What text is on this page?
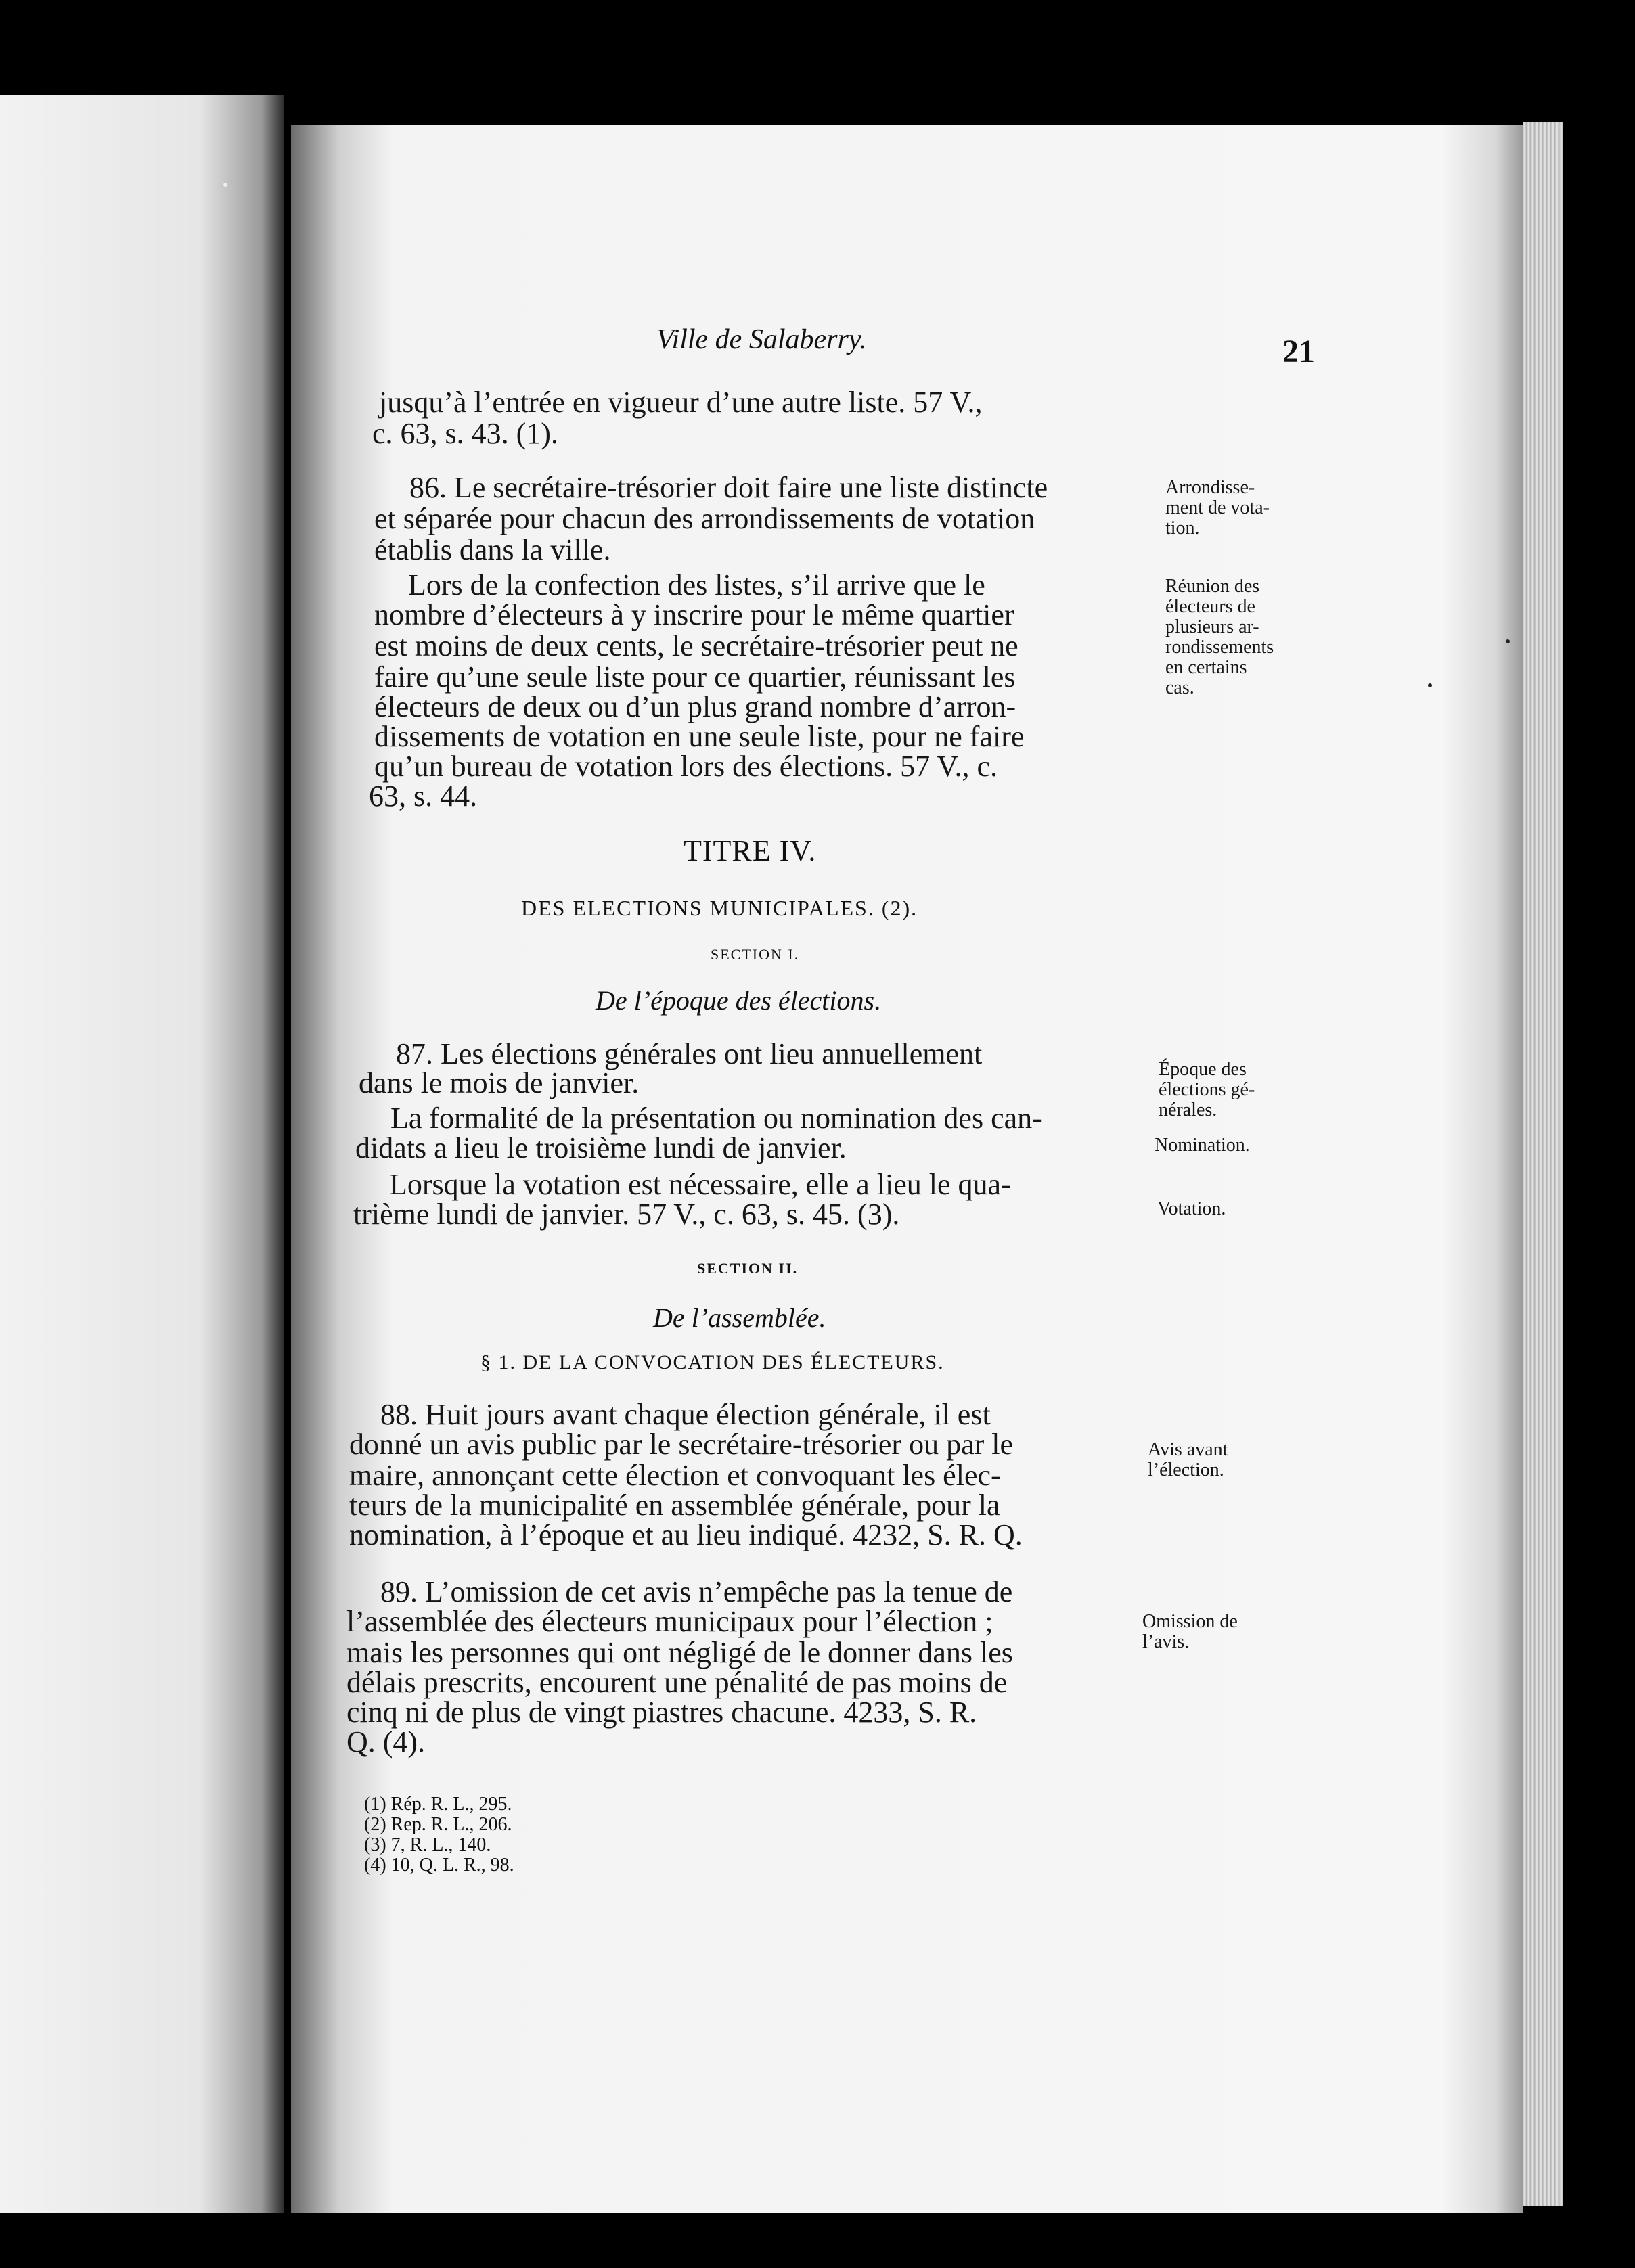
Ville de Salaberry.	21
jusqu’à l’entrée en vigueur d’une autre liste. 57 V.,
c. 63, s. 43. (1).
86. Le secrétaire-trésorier doit faire une liste distincte
et séparée pour chacun des arrondissements de votation
établis dans la ville.
Lors de la confection des listes, s’il arrive que le
nombre d’électeurs à y inscrire pour le même quartier
est moins de deux cents, le secrétaire-trésorier peut ne
faire qu’une seule liste pour ce quartier, réunissant les
électeurs de deux ou d’un plus grand nombre d’arron-
dissements de votation en une seule liste, pour ne faire
qu’un bureau de votation lors des élections. 57 V., c.
63, s. 44.
Arrondisse-
ment de vota-
tion.
Réunion des
électeurs de
plusieurs ar-
rondissements
en certains
cas.
TITRE IV.
DES ELECTIONS MUNICIPALES. (2).
SECTION I.
De l’époque des élections.
87. Les élections générales ont lieu annuellement
dans le mois de janvier.
La formalité de la présentation ou nomination des can-
didats a lieu le troisième lundi de janvier.
Lorsque la votation est nécessaire, elle a lieu le qua-
trième lundi de janvier. 57 V., c. 63, s. 45. (3).
Époque des
élections gé-
nérales.
Nomination.
Votation.
SECTION II.
De l’assemblée.
§ 1. DE LA CONVOCATION DES ÉLECTEURS.
88. Huit jours avant chaque élection générale, il est
donné un avis public par le secrétaire-trésorier ou par le
maire, annonçant cette élection et convoquant les élec-
teurs de la municipalité en assemblée générale, pour la
nomination, à l’époque et au lieu indiqué. 4232, S. R. Q.
Avis avant
l’élection.
89. L’omission de cet avis n’empêche pas la tenue de
l’assemblée des électeurs municipaux pour l’élection ;
mais les personnes qui ont négligé de le donner dans les
délais prescrits, encourent une pénalité de pas moins de
cinq ni de plus de vingt piastres chacune. 4233, S. R.
Q. (4).
Omission de
l’avis.
(1) Rép. R. L., 295.
(2) Rep. R. L., 206.
(3) 7, R. L., 140.
(4) 10, Q. L. R., 98.
